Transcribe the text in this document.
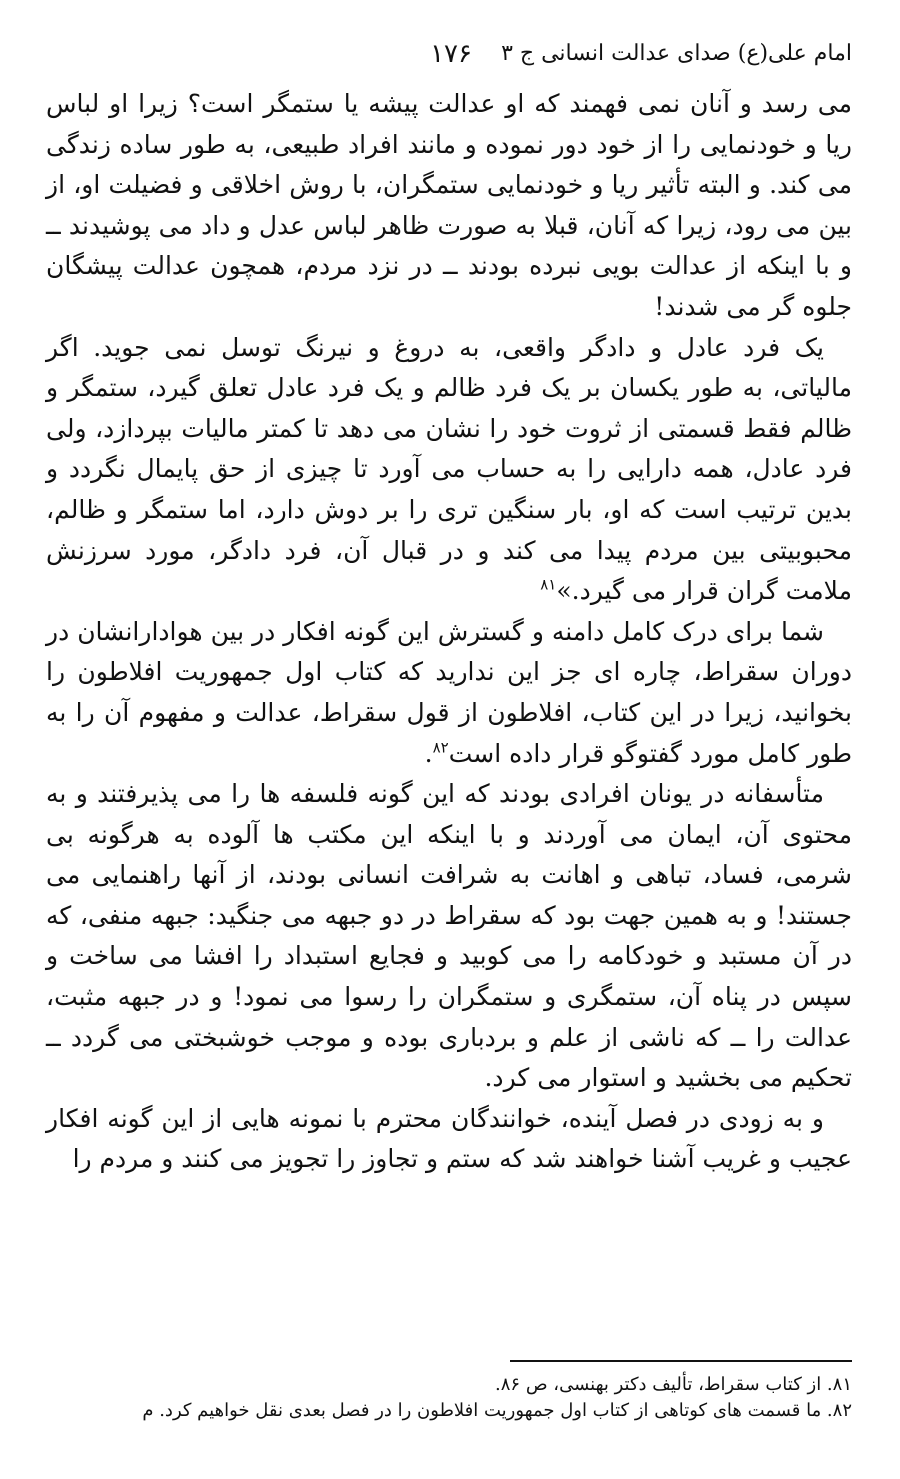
امام علی(ع) صدای عدالت انسانی ج ۳
۱۷۶

می رسد و آنان نمی فهمند که او عدالت پیشه یا ستمگر است؟ زیرا او لباس ریا و خودنمایی را از خود دور نموده و مانند افراد طبیعی، به طور ساده زندگی می کند. و البته تأثیر ریا و خودنمایی ستمگران، با روش اخلاقی و فضیلت او، از بین می رود، زیرا که آنان، قبلا به صورت ظاهر لباس عدل و داد می پوشیدند ــ و با اینکه از عدالت بویی نبرده بودند ــ در نزد مردم، همچون عدالت پیشگان جلوه گر می شدند!

یک فرد عادل و دادگر واقعی، به دروغ و نیرنگ توسل نمی جوید. اگر مالیاتی، به طور یکسان بر یک فرد ظالم و یک فرد عادل تعلق گیرد، ستمگر و ظالم فقط قسمتی از ثروت خود را نشان می دهد تا کمتر مالیات بپردازد، ولی فرد عادل، همه دارایی را به حساب می آورد تا چیزی از حق پایمال نگردد و بدین ترتیب است که او، بار سنگین تری را بر دوش دارد، اما ستمگر و ظالم، محبوبیتی بین مردم پیدا می کند و در قبال آن، فرد دادگر، مورد سرزنش ملامت گران قرار می گیرد.»$^{۸۱}$

شما برای درک کامل دامنه و گسترش این گونه افکار در بین هوادارانشان در دوران سقراط، چاره ای جز این ندارید که کتاب اول جمهوریت افلاطون را بخوانید، زیرا در این کتاب، افلاطون از قول سقراط، عدالت و مفهوم آن را به طور کامل مورد گفتوگو قرار داده است$^{۸۲}$.

متأسفانه در یونان افرادی بودند که این گونه فلسفه ها را می پذیرفتند و به محتوی آن، ایمان می آوردند و با اینکه این مکتب ها آلوده به هرگونه بی شرمی، فساد، تباهی و اهانت به شرافت انسانی بودند، از آنها راهنمایی می جستند! و به همین جهت بود که سقراط در دو جبهه می جنگید: جبهه منفی، که در آن مستبد و خودکامه را می کوبید و فجایع استبداد را افشا می ساخت و سپس در پناه آن، ستمگری و ستمگران را رسوا می نمود! و در جبهه مثبت، عدالت را ــ که ناشی از علم و بردباری بوده و موجب خوشبختی می گردد ــ تحکیم می بخشید و استوار می کرد.

و به زودی در فصل آینده، خوانندگان محترم با نمونه هایی از این گونه افکار عجیب و غریب آشنا خواهند شد که ستم و تجاوز را تجویز می کنند و مردم را

۸۱. از کتاب سقراط، تألیف دکتر بهنسی، ص ۸۶.

۸۲. ما قسمت های کوتاهی از کتاب اول جمهوریت افلاطون را در فصل بعدی نقل خواهیم کرد. م
